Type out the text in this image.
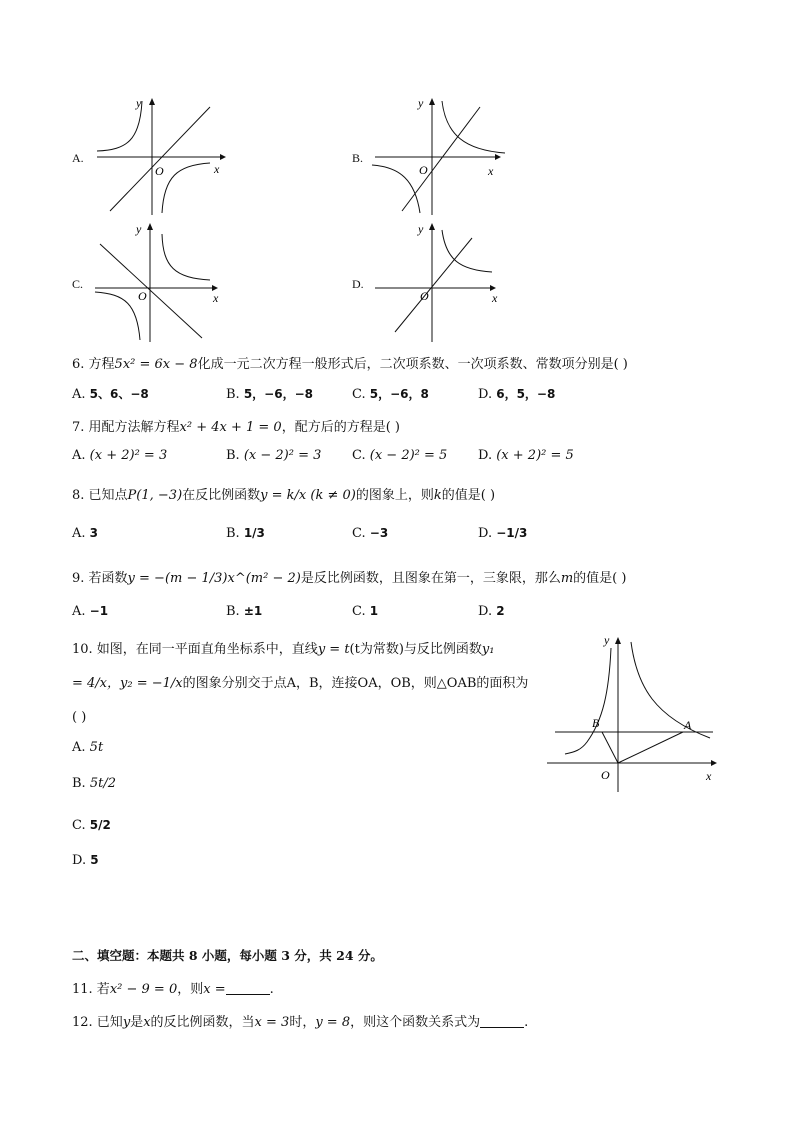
A.
y
x
O
B.
y
x
O
C.
y
x
O
D.
y
x
O
6. 方程5x² = 6x − 8化成一元二次方程一般形式后，二次项系数、一次项系数、常数项分别是( )
A. 5、6、−8	B. 5，−6，−8	C. 5，−6，8	D. 6，5，−8
7. 用配方法解方程x² + 4x + 1 = 0，配方后的方程是( )
A. (x + 2)² = 3	B. (x − 2)² = 3 C. (x − 2)² = 5 D. (x + 2)² = 5
8. 已知点P(1, −3)在反比例函数y = k/x (k ≠ 0)的图象上，则k的值是( )
A. 3	B. 1/3	C. −3	D. −1/3
9. 若函数y = −(m − 1/3)x^(m² − 2)是反比例函数，且图象在第一，三象限，那么m的值是( )
A. −1	B. ±1	C. 1	D. 2
10. 如图，在同一平面直角坐标系中，直线y = t(t为常数)与反比例函数y₁
= 4/x，y₂ = −1/x的图象分别交于点A，B，连接OA，OB，则△OAB的面积为
( )
A. 5t
B. 5t/2
C. 5/2
D. 5
y
x
O
A
B
二、填空题：本题共 8 小题，每小题 3 分，共 24 分。
11. 若x² − 9 = 0，则x =	.
12. 已知y是x的反比例函数，当x = 3时，y = 8，则这个函数关系式为	.
